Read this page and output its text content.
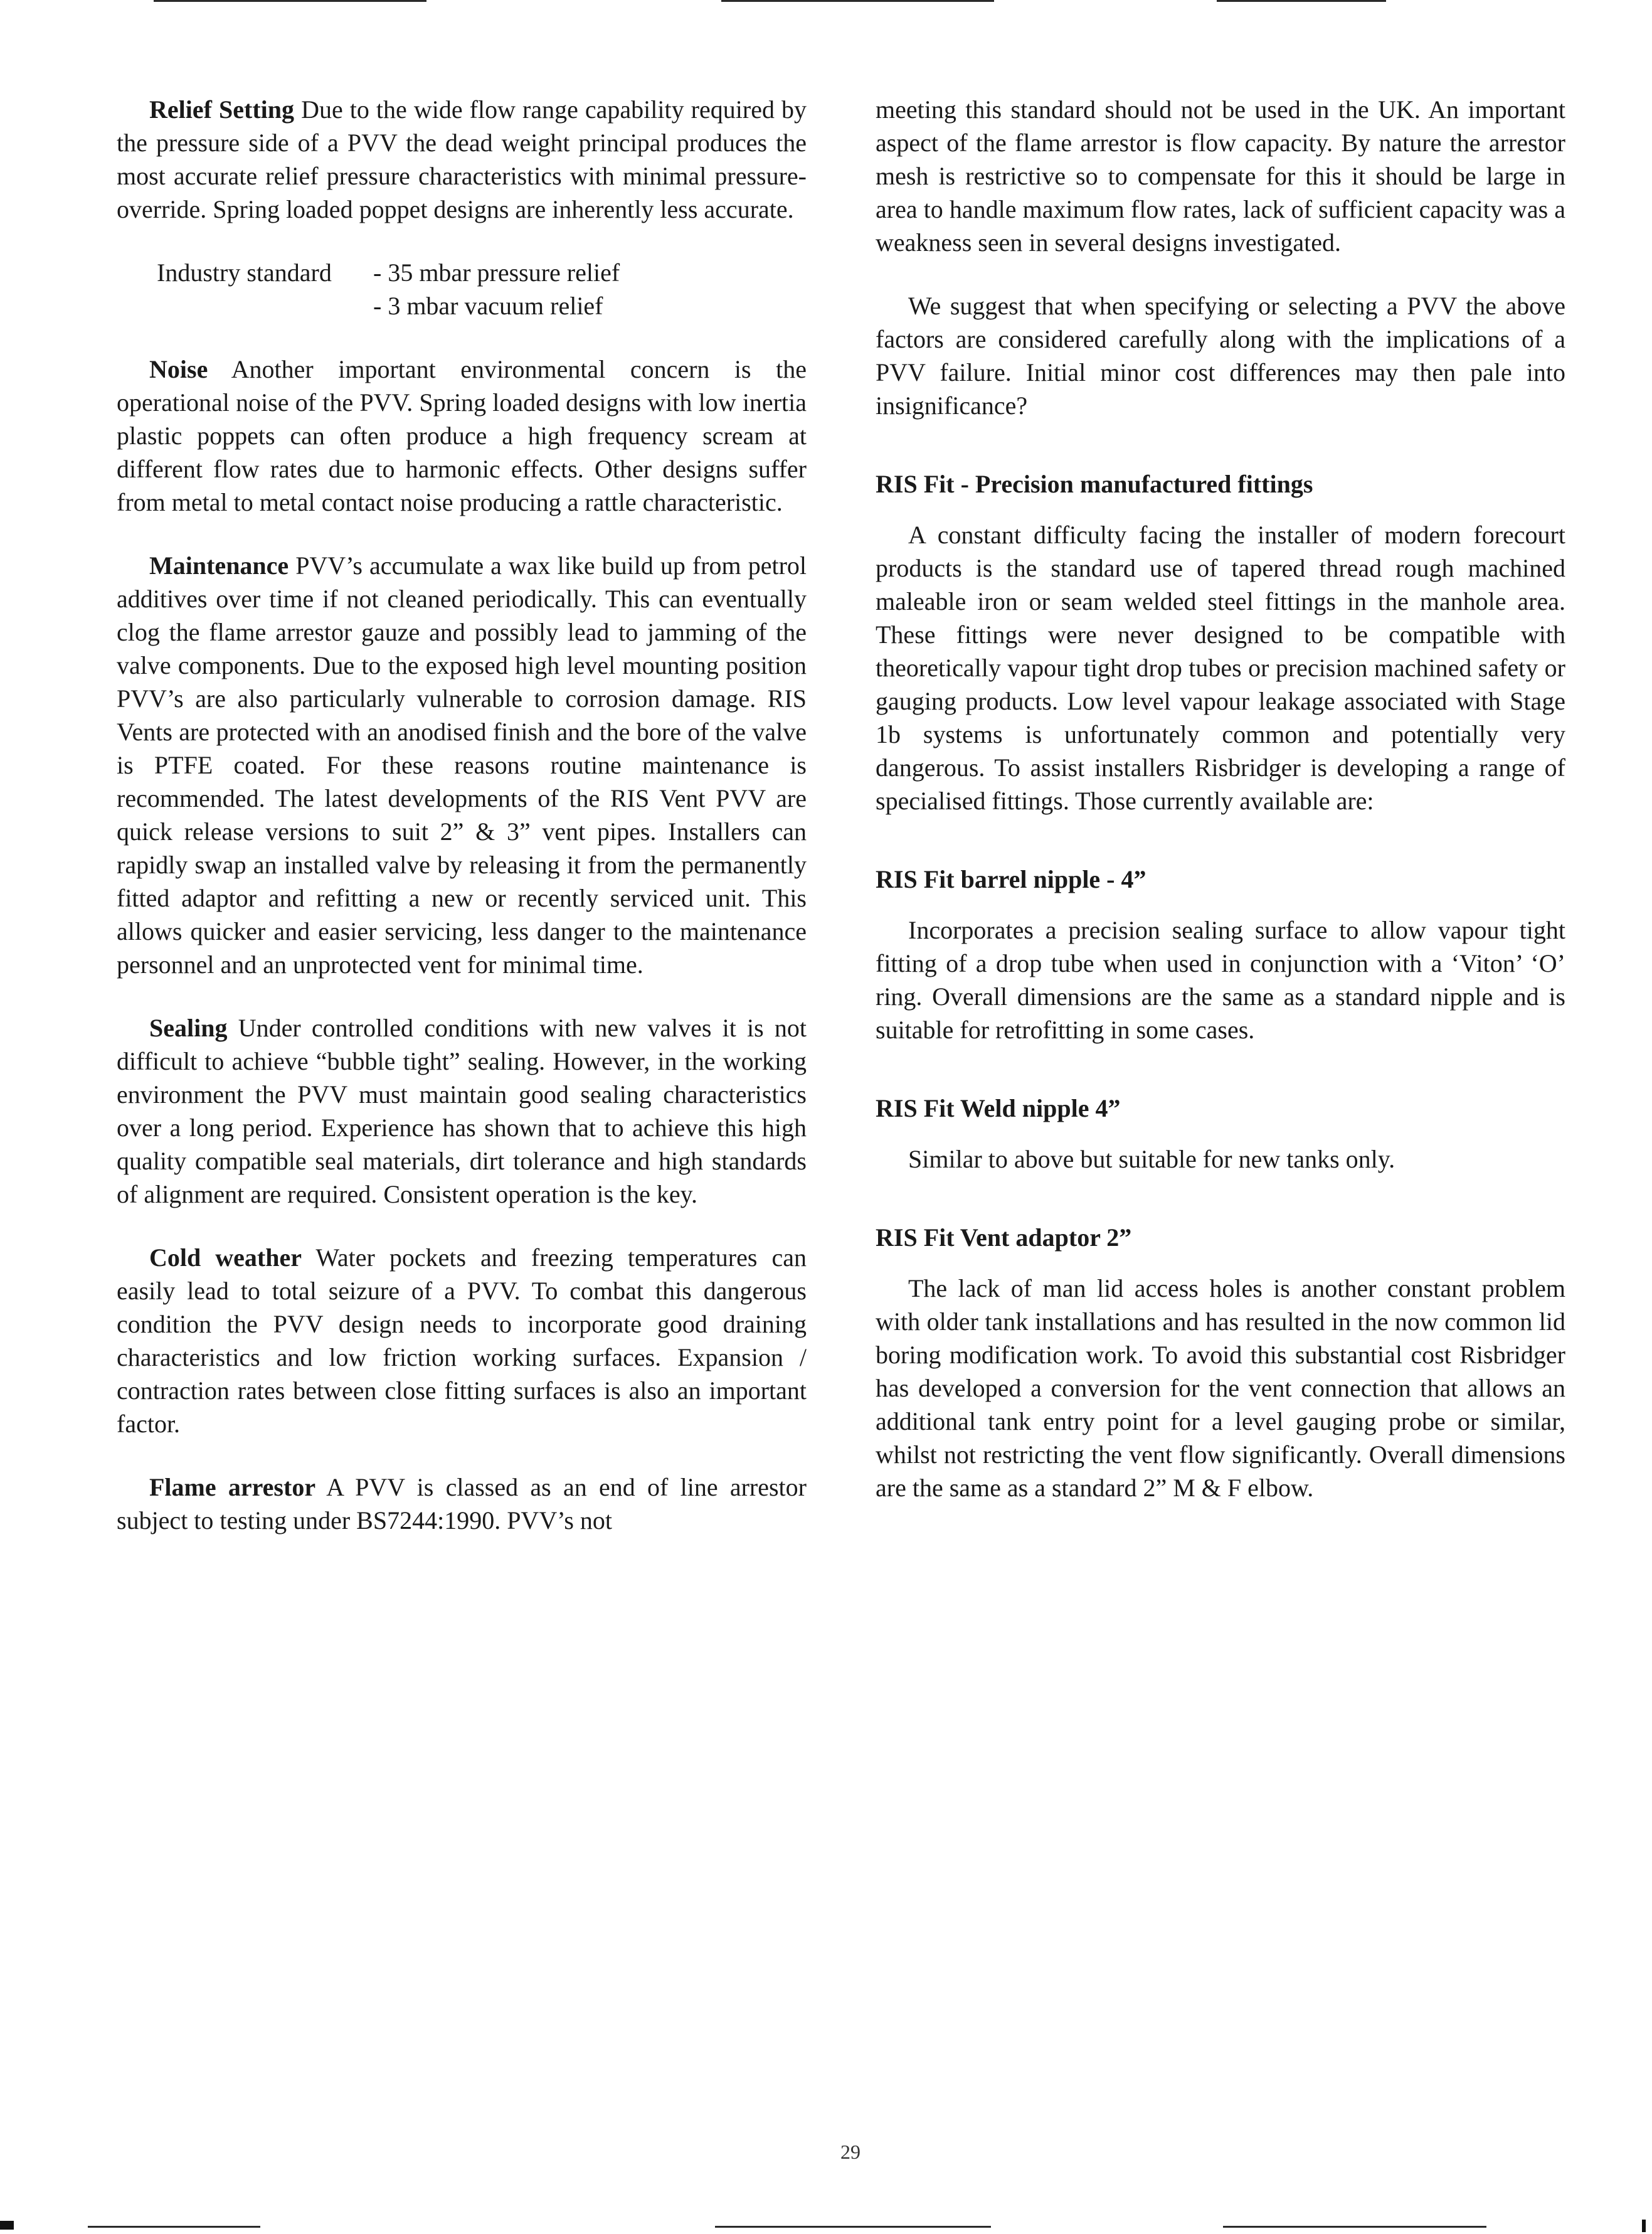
Relief Setting Due to the wide flow range capability required by the pressure side of a PVV the dead weight principal produces the most accurate relief pressure characteristics with minimal pressure-override. Spring loaded poppet designs are inherently less accurate.

Industry standard	- 35 mbar pressure relief
- 3 mbar vacuum relief

Noise Another important environmental concern is the operational noise of the PVV. Spring loaded designs with low inertia plastic poppets can often produce a high frequency scream at different flow rates due to harmonic effects. Other designs suffer from metal to metal contact noise producing a rattle characteristic.

Maintenance PVV’s accumulate a wax like build up from petrol additives over time if not cleaned periodically. This can eventually clog the flame arrestor gauze and possibly lead to jamming of the valve components. Due to the exposed high level mounting position PVV’s are also particularly vulnerable to corrosion damage. RIS Vents are protected with an anodised finish and the bore of the valve is PTFE coated. For these reasons routine maintenance is recommended. The latest developments of the RIS Vent PVV are quick release versions to suit 2” & 3” vent pipes. Installers can rapidly swap an installed valve by releasing it from the permanently fitted adaptor and refitting a new or recently serviced unit. This allows quicker and easier servicing, less danger to the maintenance personnel and an unprotected vent for minimal time.

Sealing Under controlled conditions with new valves it is not difficult to achieve “bubble tight” sealing. However, in the working environment the PVV must maintain good sealing characteristics over a long period. Experience has shown that to achieve this high quality compatible seal materials, dirt tolerance and high standards of alignment are required. Consistent operation is the key.

Cold weather Water pockets and freezing temperatures can easily lead to total seizure of a PVV. To combat this dangerous condition the PVV design needs to incorporate good draining characteristics and low friction working surfaces. Expansion / contraction rates between close fitting surfaces is also an important factor.

Flame arrestor A PVV is classed as an end of line arrestor subject to testing under BS7244:1990. PVV’s not

meeting this standard should not be used in the UK. An important aspect of the flame arrestor is flow capacity. By nature the arrestor mesh is restrictive so to compensate for this it should be large in area to handle maximum flow rates, lack of sufficient capacity was a weakness seen in several designs investigated.

We suggest that when specifying or selecting a PVV the above factors are considered carefully along with the implications of a PVV failure. Initial minor cost differences may then pale into insignificance?

RIS Fit - Precision manufactured fittings

A constant difficulty facing the installer of modern forecourt products is the standard use of tapered thread rough machined maleable iron or seam welded steel fittings in the manhole area. These fittings were never designed to be compatible with theoretically vapour tight drop tubes or precision machined safety or gauging products. Low level vapour leakage associated with Stage 1b systems is unfortunately common and potentially very dangerous. To assist installers Risbridger is developing a range of specialised fittings. Those currently available are:

RIS Fit barrel nipple - 4”

Incorporates a precision sealing surface to allow vapour tight fitting of a drop tube when used in conjunction with a ‘Viton’ ‘O’ ring. Overall dimensions are the same as a standard nipple and is suitable for retrofitting in some cases.

RIS Fit Weld nipple 4”

Similar to above but suitable for new tanks only.

RIS Fit Vent adaptor 2”

The lack of man lid access holes is another constant problem with older tank installations and has resulted in the now common lid boring modification work. To avoid this substantial cost Risbridger has developed a conversion for the vent connection that allows an additional tank entry point for a level gauging probe or similar, whilst not restricting the vent flow significantly. Overall dimensions are the same as a standard 2” M & F elbow.

29
